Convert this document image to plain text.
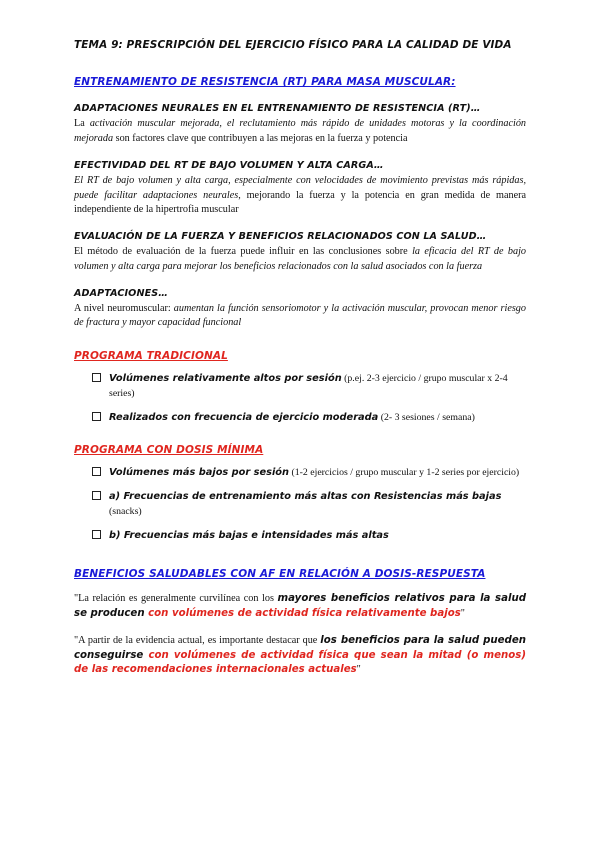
TEMA 9: PRESCRIPCIÓN DEL EJERCICIO FÍSICO PARA LA CALIDAD DE VIDA
ENTRENAMIENTO DE RESISTENCIA (RT) PARA MASA MUSCULAR:
ADAPTACIONES NEURALES EN EL ENTRENAMIENTO DE RESISTENCIA (RT)…

La activación muscular mejorada, el reclutamiento más rápido de unidades motoras y la coordinación mejorada son factores clave que contribuyen a las mejoras en la fuerza y potencia

EFECTIVIDAD DEL RT DE BAJO VOLUMEN Y ALTA CARGA…

El RT de bajo volumen y alta carga, especialmente con velocidades de movimiento previstas más rápidas, puede facilitar adaptaciones neurales, mejorando la fuerza y la potencia en gran medida de manera independiente de la hipertrofia muscular

EVALUACIÓN DE LA FUERZA Y BENEFICIOS RELACIONADOS CON LA SALUD…

El método de evaluación de la fuerza puede influir en las conclusiones sobre la eficacia del RT de bajo volumen y alta carga para mejorar los beneficios relacionados con la salud asociados con la fuerza

ADAPTACIONES…

A nivel neuromuscular: aumentan la función sensoriomotor y la activación muscular, provocan menor riesgo de fractura y mayor capacidad funcional

PROGRAMA TRADICIONAL
Volúmenes relativamente altos por sesión (p.ej. 2-3 ejercicio / grupo muscular x 2-4 series)
Realizados con frecuencia de ejercicio moderada (2- 3 sesiones / semana)
PROGRAMA CON DOSIS MÍNIMA
Volúmenes más bajos por sesión (1-2 ejercicios / grupo muscular y 1-2 series por ejercicio)
a) Frecuencias de entrenamiento más altas con Resistencias más bajas (snacks)
b) Frecuencias más bajas e intensidades más altas
BENEFICIOS SALUDABLES CON AF EN RELACIÓN A DOSIS-RESPUESTA

"La relación es generalmente curvilínea con los mayores beneficios relativos para la salud se producen con volúmenes de actividad física relativamente bajos"

"A partir de la evidencia actual, es importante destacar que los beneficios para la salud pueden conseguirse con volúmenes de actividad física que sean la mitad (o menos) de las recomendaciones internacionales actuales"
